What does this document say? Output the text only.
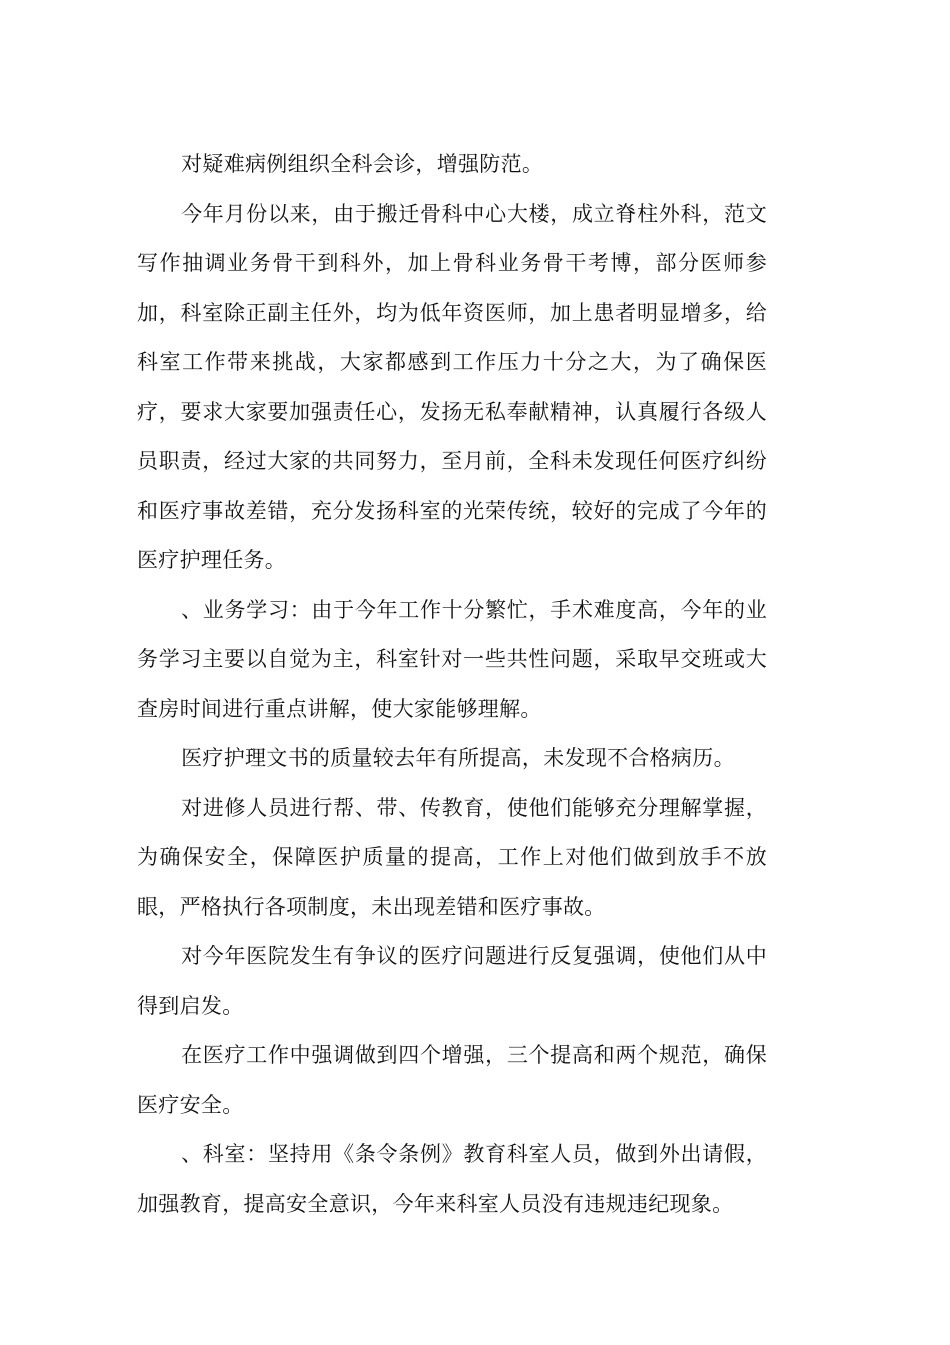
对疑难病例组织全科会诊，增强防范。

今年月份以来，由于搬迁骨科中心大楼，成立脊柱外科，范文写作抽调业务骨干到科外，加上骨科业务骨干考博，部分医师参加，科室除正副主任外，均为低年资医师，加上患者明显增多，给科室工作带来挑战，大家都感到工作压力十分之大，为了确保医疗，要求大家要加强责任心，发扬无私奉献精神，认真履行各级人员职责，经过大家的共同努力，至月前，全科未发现任何医疗纠纷和医疗事故差错，充分发扬科室的光荣传统，较好的完成了今年的医疗护理任务。

、业务学习：由于今年工作十分繁忙，手术难度高，今年的业务学习主要以自觉为主，科室针对一些共性问题，采取早交班或大查房时间进行重点讲解，使大家能够理解。

医疗护理文书的质量较去年有所提高，未发现不合格病历。

对进修人员进行帮、带、传教育，使他们能够充分理解掌握，为确保安全，保障医护质量的提高，工作上对他们做到放手不放眼，严格执行各项制度，未出现差错和医疗事故。

对今年医院发生有争议的医疗问题进行反复强调，使他们从中得到启发。

在医疗工作中强调做到四个增强，三个提高和两个规范，确保医疗安全。

、科室：坚持用《条令条例》教育科室人员，做到外出请假，加强教育，提高安全意识，今年来科室人员没有违规违纪现象。
